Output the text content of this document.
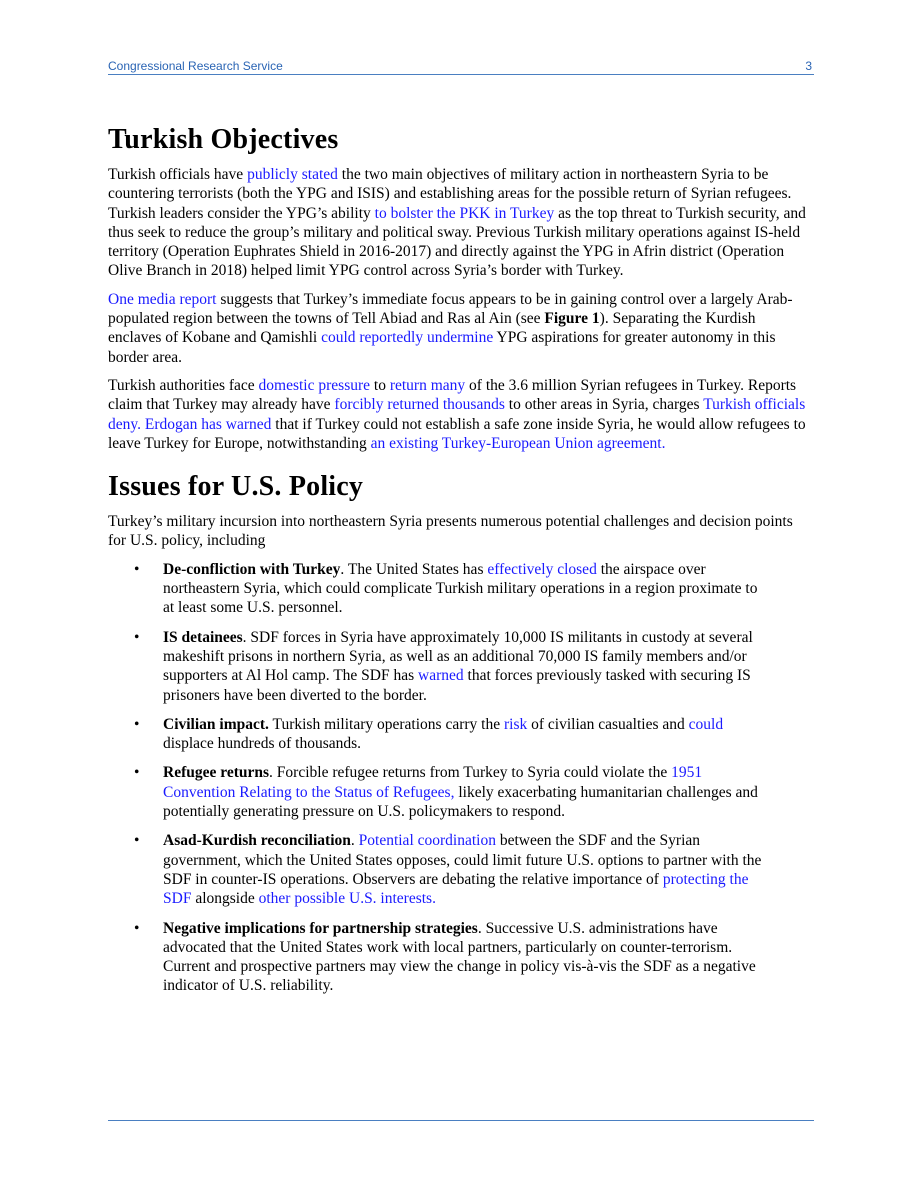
Congressional Research Service	3
Turkish Objectives

Turkish officials have publicly stated the two main objectives of military action in northeastern Syria to be countering terrorists (both the YPG and ISIS) and establishing areas for the possible return of Syrian refugees. Turkish leaders consider the YPG’s ability to bolster the PKK in Turkey as the top threat to Turkish security, and thus seek to reduce the group’s military and political sway. Previous Turkish military operations against IS-held territory (Operation Euphrates Shield in 2016-2017) and directly against the YPG in Afrin district (Operation Olive Branch in 2018) helped limit YPG control across Syria’s border with Turkey.

One media report suggests that Turkey’s immediate focus appears to be in gaining control over a largely Arab-populated region between the towns of Tell Abiad and Ras al Ain (see Figure 1). Separating the Kurdish enclaves of Kobane and Qamishli could reportedly undermine YPG aspirations for greater autonomy in this border area.

Turkish authorities face domestic pressure to return many of the 3.6 million Syrian refugees in Turkey. Reports claim that Turkey may already have forcibly returned thousands to other areas in Syria, charges Turkish officials deny. Erdogan has warned that if Turkey could not establish a safe zone inside Syria, he would allow refugees to leave Turkey for Europe, notwithstanding an existing Turkey-European Union agreement.

Issues for U.S. Policy

Turkey’s military incursion into northeastern Syria presents numerous potential challenges and decision points for U.S. policy, including

• De-confliction with Turkey. The United States has effectively closed the airspace over northeastern Syria, which could complicate Turkish military operations in a region proximate to at least some U.S. personnel.
• IS detainees. SDF forces in Syria have approximately 10,000 IS militants in custody at several makeshift prisons in northern Syria, as well as an additional 70,000 IS family members and/or supporters at Al Hol camp. The SDF has warned that forces previously tasked with securing IS prisoners have been diverted to the border.
• Civilian impact. Turkish military operations carry the risk of civilian casualties and could displace hundreds of thousands.
• Refugee returns. Forcible refugee returns from Turkey to Syria could violate the 1951 Convention Relating to the Status of Refugees, likely exacerbating humanitarian challenges and potentially generating pressure on U.S. policymakers to respond.
• Asad-Kurdish reconciliation. Potential coordination between the SDF and the Syrian government, which the United States opposes, could limit future U.S. options to partner with the SDF in counter-IS operations. Observers are debating the relative importance of protecting the SDF alongside other possible U.S. interests.
• Negative implications for partnership strategies. Successive U.S. administrations have advocated that the United States work with local partners, particularly on counter-terrorism. Current and prospective partners may view the change in policy vis-à-vis the SDF as a negative indicator of U.S. reliability.
